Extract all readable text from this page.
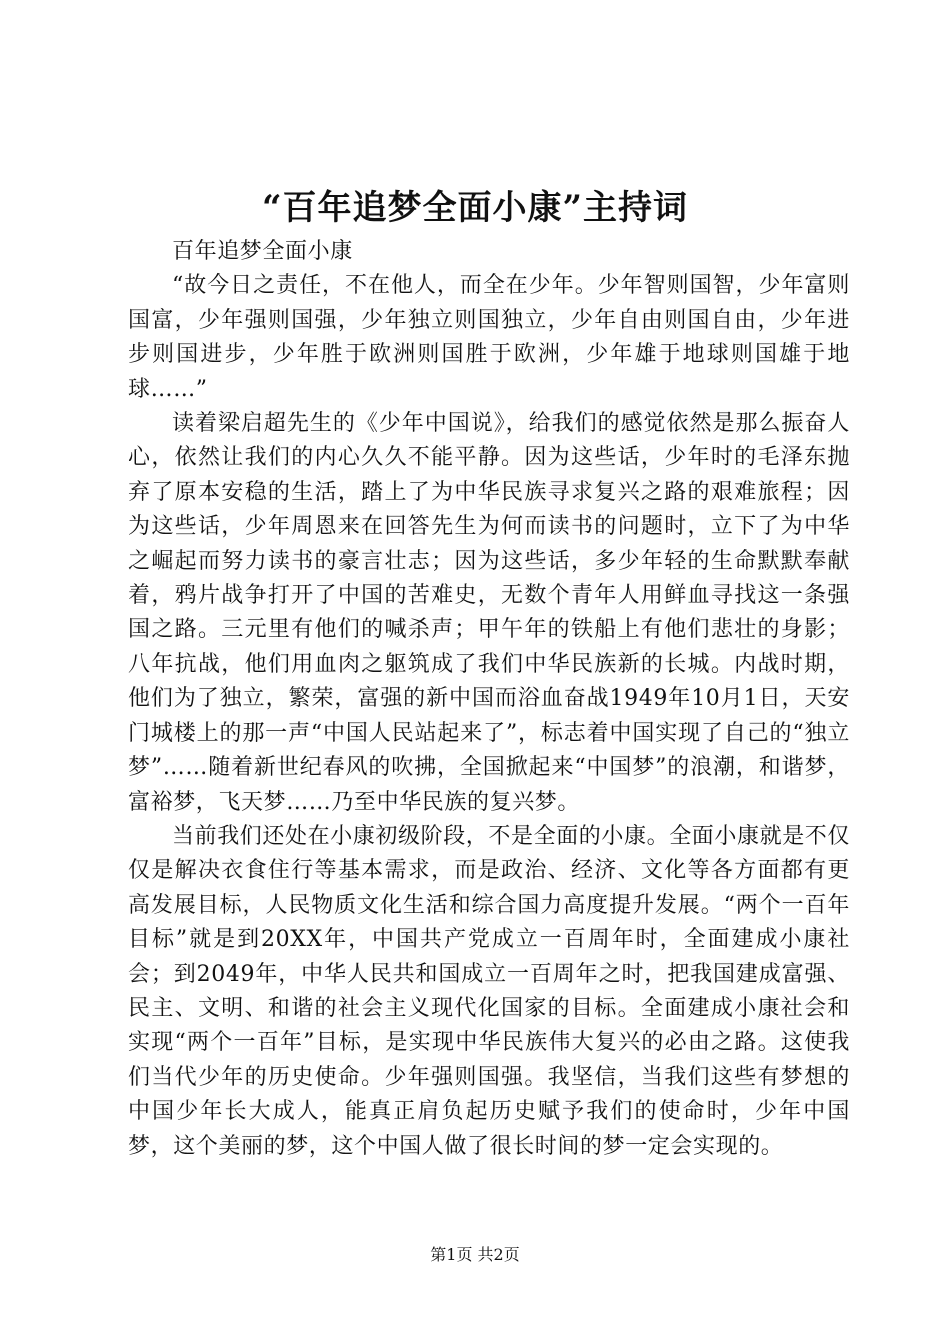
“百年追梦全面小康”主持词

百年追梦全面小康

“故今日之责任，不在他人，而全在少年。少年智则国智，少年富则国富，少年强则国强，少年独立则国独立，少年自由则国自由，少年进步则国进步，少年胜于欧洲则国胜于欧洲，少年雄于地球则国雄于地球……”

读着梁启超先生的《少年中国说》，给我们的感觉依然是那么振奋人心，依然让我们的内心久久不能平静。因为这些话，少年时的毛泽东抛弃了原本安稳的生活，踏上了为中华民族寻求复兴之路的艰难旅程；因为这些话，少年周恩来在回答先生为何而读书的问题时，立下了为中华之崛起而努力读书的豪言壮志；因为这些话，多少年轻的生命默默奉献着，鸦片战争打开了中国的苦难史，无数个青年人用鲜血寻找这一条强国之路。三元里有他们的喊杀声；甲午年的铁船上有他们悲壮的身影；八年抗战，他们用血肉之躯筑成了我们中华民族新的长城。内战时期，他们为了独立，繁荣，富强的新中国而浴血奋战1949年10月1日，天安门城楼上的那一声“中国人民站起来了”，标志着中国实现了自己的“独立梦”……随着新世纪春风的吹拂，全国掀起来“中国梦”的浪潮，和谐梦，富裕梦，飞天梦……乃至中华民族的复兴梦。

当前我们还处在小康初级阶段，不是全面的小康。全面小康就是不仅仅是解决衣食住行等基本需求，而是政治、经济、文化等各方面都有更高发展目标，人民物质文化生活和综合国力高度提升发展。“两个一百年目标”就是到20XX年，中国共产党成立一百周年时，全面建成小康社会；到2049年，中华人民共和国成立一百周年之时，把我国建成富强、民主、文明、和谐的社会主义现代化国家的目标。全面建成小康社会和实现“两个一百年”目标，是实现中华民族伟大复兴的必由之路。这使我们当代少年的历史使命。少年强则国强。我坚信，当我们这些有梦想的中国少年长大成人，能真正肩负起历史赋予我们的使命时，少年中国梦，这个美丽的梦，这个中国人做了很长时间的梦一定会实现的。

第1页 共2页
